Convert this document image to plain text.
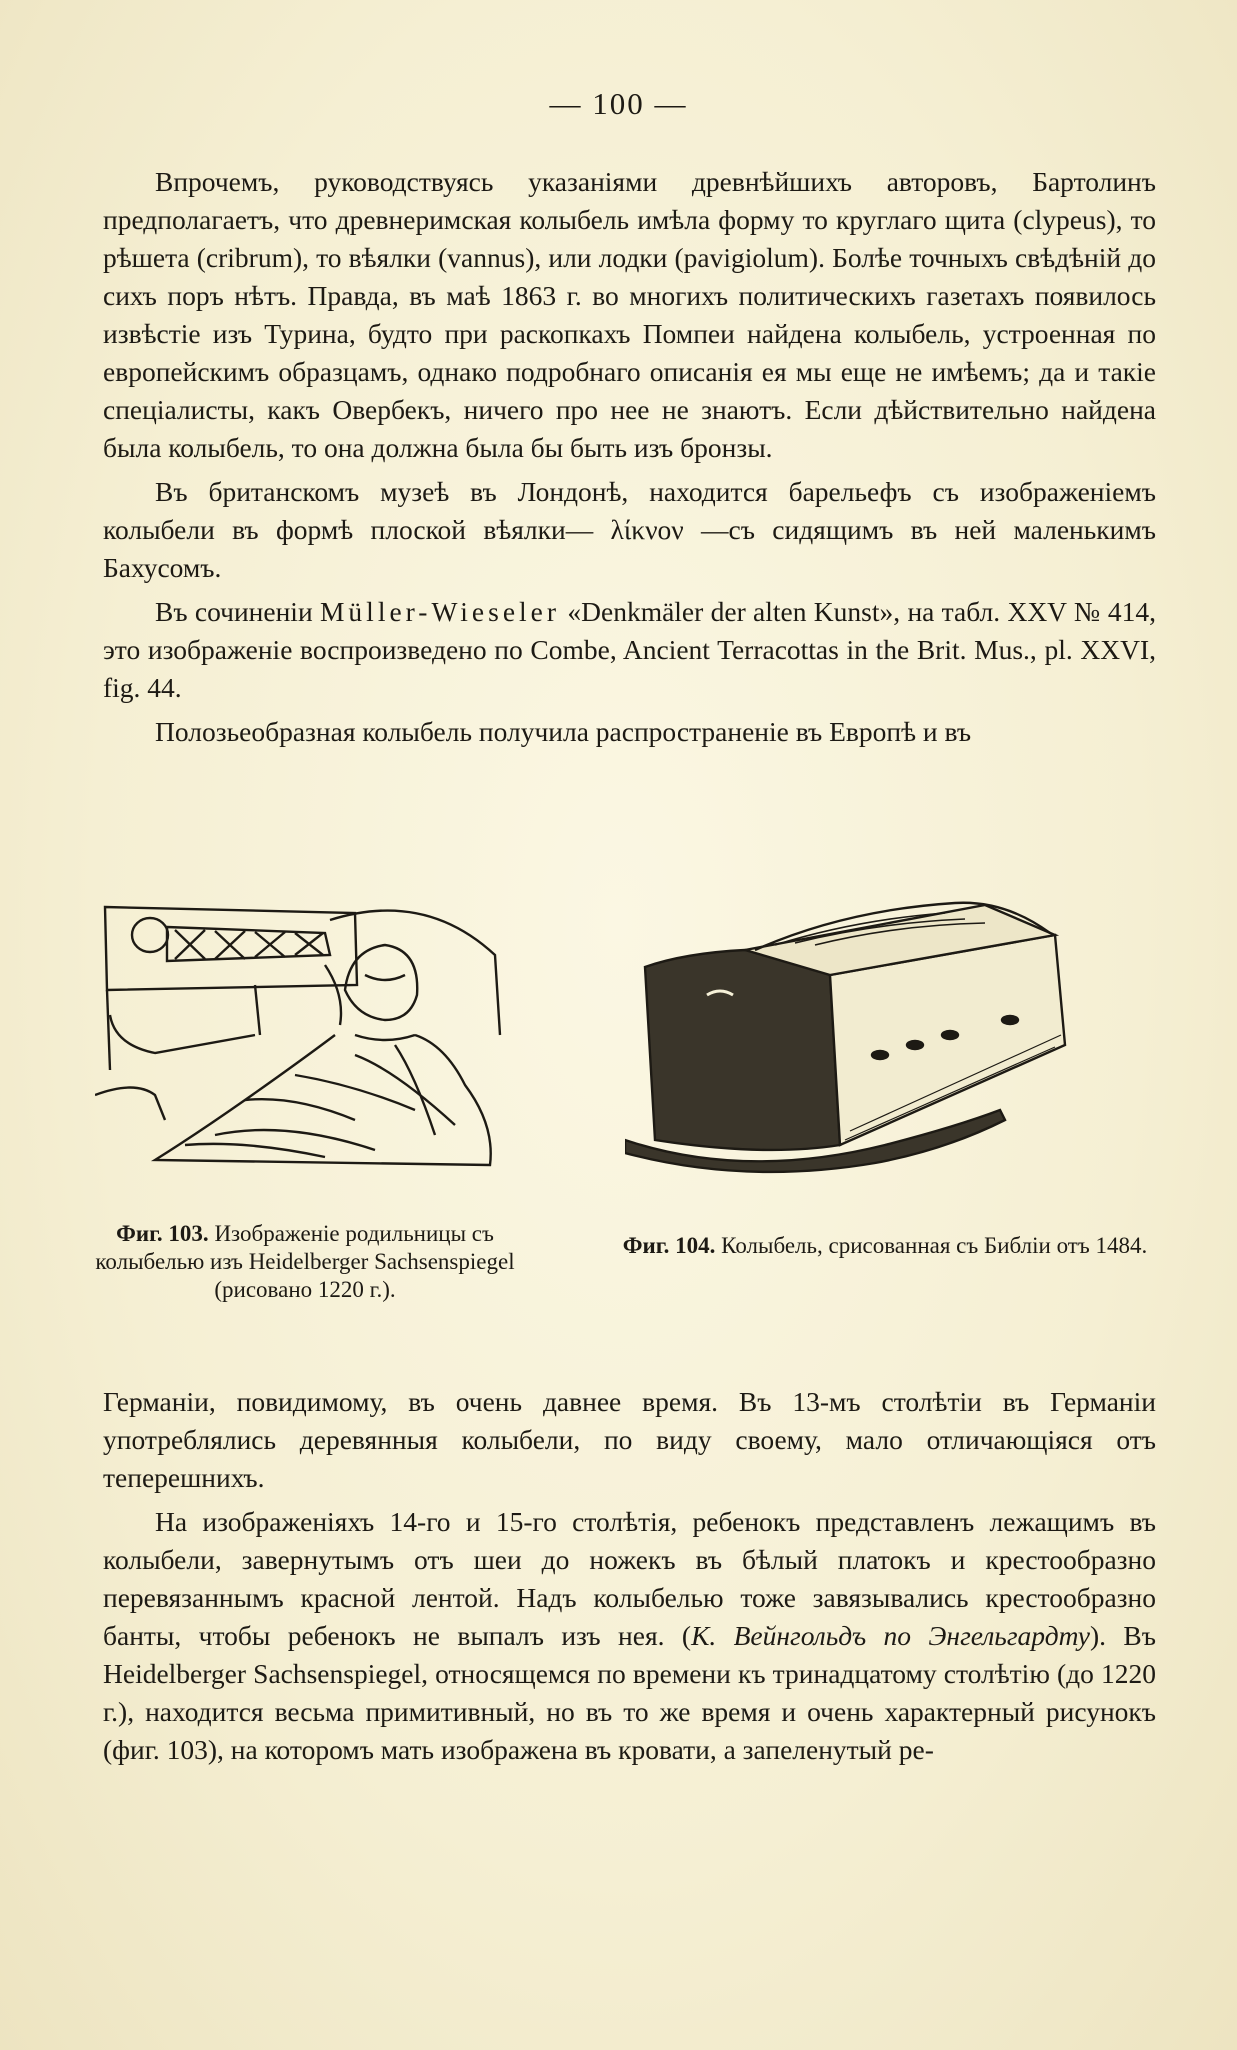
— 100 —

Впрочемъ, руководствуясь указаніями древнѣйшихъ авторовъ, Бартолинъ предполагаетъ, что древнеримская колыбель имѣла форму то круглаго щита (clypeus), то рѣшета (cribrum), то вѣялки (vannus), или лодки (pavigiolum). Болѣе точныхъ свѣдѣній до сихъ поръ нѣтъ. Правда, въ маѣ 1863 г. во многихъ политическихъ газетахъ появилось извѣстіе изъ Турина, будто при раскопкахъ Помпеи найдена колыбель, устроенная по европейскимъ образцамъ, однако подробнаго описанія ея мы еще не имѣемъ; да и такіе спеціалисты, какъ Овербекъ, ничего про нее не знаютъ. Если дѣйствительно найдена была колыбель, то она должна была бы быть изъ бронзы.

Въ британскомъ музеѣ въ Лондонѣ, находится барельефъ съ изображеніемъ колыбели въ формѣ плоской вѣялки— λίκνον —съ сидящимъ въ ней маленькимъ Бахусомъ.

Въ сочиненіи Müller-Wieseler «Denkmäler der alten Kunst», на табл. XXV № 414, это изображеніе воспроизведено по Combe, Ancient Terracottas in the Brit. Mus., pl. XXVI, fig. 44.

Полозьеобразная колыбель получила распространеніе въ Европѣ и въ

Фиг. 103. Изображеніе родильницы съ колыбелью изъ Heidelberger Sachsenspiegel (рисовано 1220 г.).
Фиг. 104. Колыбель, срисованная съ Библіи отъ 1484.

Германіи, повидимому, въ очень давнее время. Въ 13-мъ столѣтіи въ Германіи употреблялись деревянныя колыбели, по виду своему, мало отличающіяся отъ теперешнихъ.

На изображеніяхъ 14-го и 15-го столѣтія, ребенокъ представленъ лежащимъ въ колыбели, завернутымъ отъ шеи до ножекъ въ бѣлый платокъ и крестообразно перевязаннымъ красной лентой. Надъ колыбелью тоже завязывались крестообразно банты, чтобы ребенокъ не выпалъ изъ нея. (К. Вейнгольдъ по Энгельгардту). Въ Heidelberger Sachsenspiegel, относящемся по времени къ тринадцатому столѣтію (до 1220 г.), находится весьма примитивный, но въ то же время и очень характерный рисунокъ (фиг. 103), на которомъ мать изображена въ кровати, а запеленутый ре-
